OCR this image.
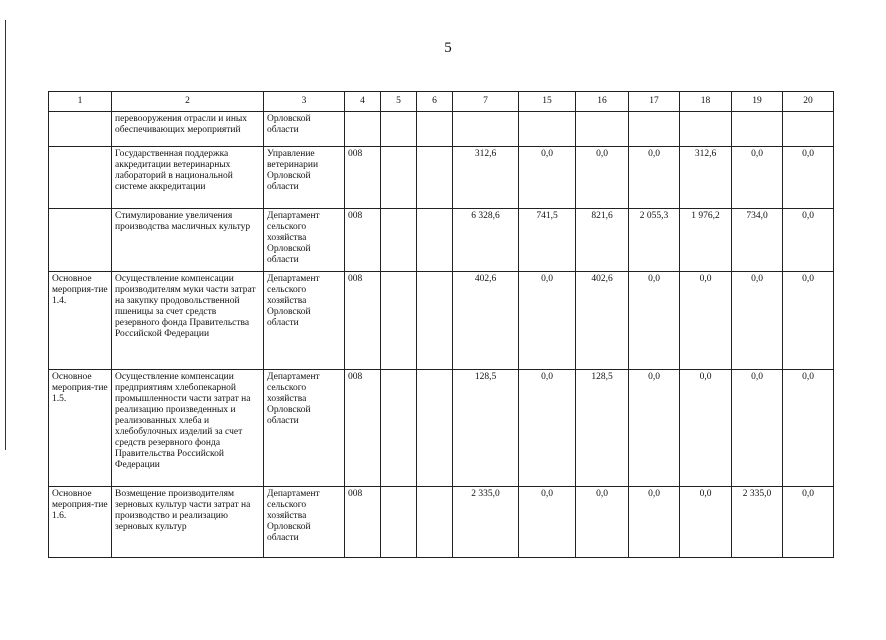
5
1	2	3	4	5	6	7	15	16	17	18	19	20
	перевооружения отрасли и иных обеспечивающих мероприятий	Орловской области										
	Государственная поддержка аккредитации ветеринарных лабораторий в национальной системе аккредитации	Управление ветеринарии Орловской области	008			312,6	0,0	0,0	0,0	312,6	0,0	0,0
	Стимулирование увеличения производства масличных культур	Департамент сельского хозяйства Орловской области	008			6 328,6	741,5	821,6	2 055,3	1 976,2	734,0	0,0
Основное мероприя-тие 1.4.	Осуществление компенсации производителям муки части затрат на закупку продовольственной пшеницы за счет средств резервного фонда Правительства Российской Федерации	Департамент сельского хозяйства Орловской области	008			402,6	0,0	402,6	0,0	0,0	0,0	0,0
Основное мероприя-тие 1.5.	Осуществление компенсации предприятиям хлебопекарной промышленности части затрат на реализацию произведенных и реализованных хлеба и хлебобулочных изделий за счет средств резервного фонда Правительства Российской Федерации	Департамент сельского хозяйства Орловской области	008			128,5	0,0	128,5	0,0	0,0	0,0	0,0
Основное мероприя-тие 1.6.	Возмещение производителям зерновых культур части затрат на производство и реализацию зерновых культур	Департамент сельского хозяйства Орловской области	008			2 335,0	0,0	0,0	0,0	0,0	2 335,0	0,0
